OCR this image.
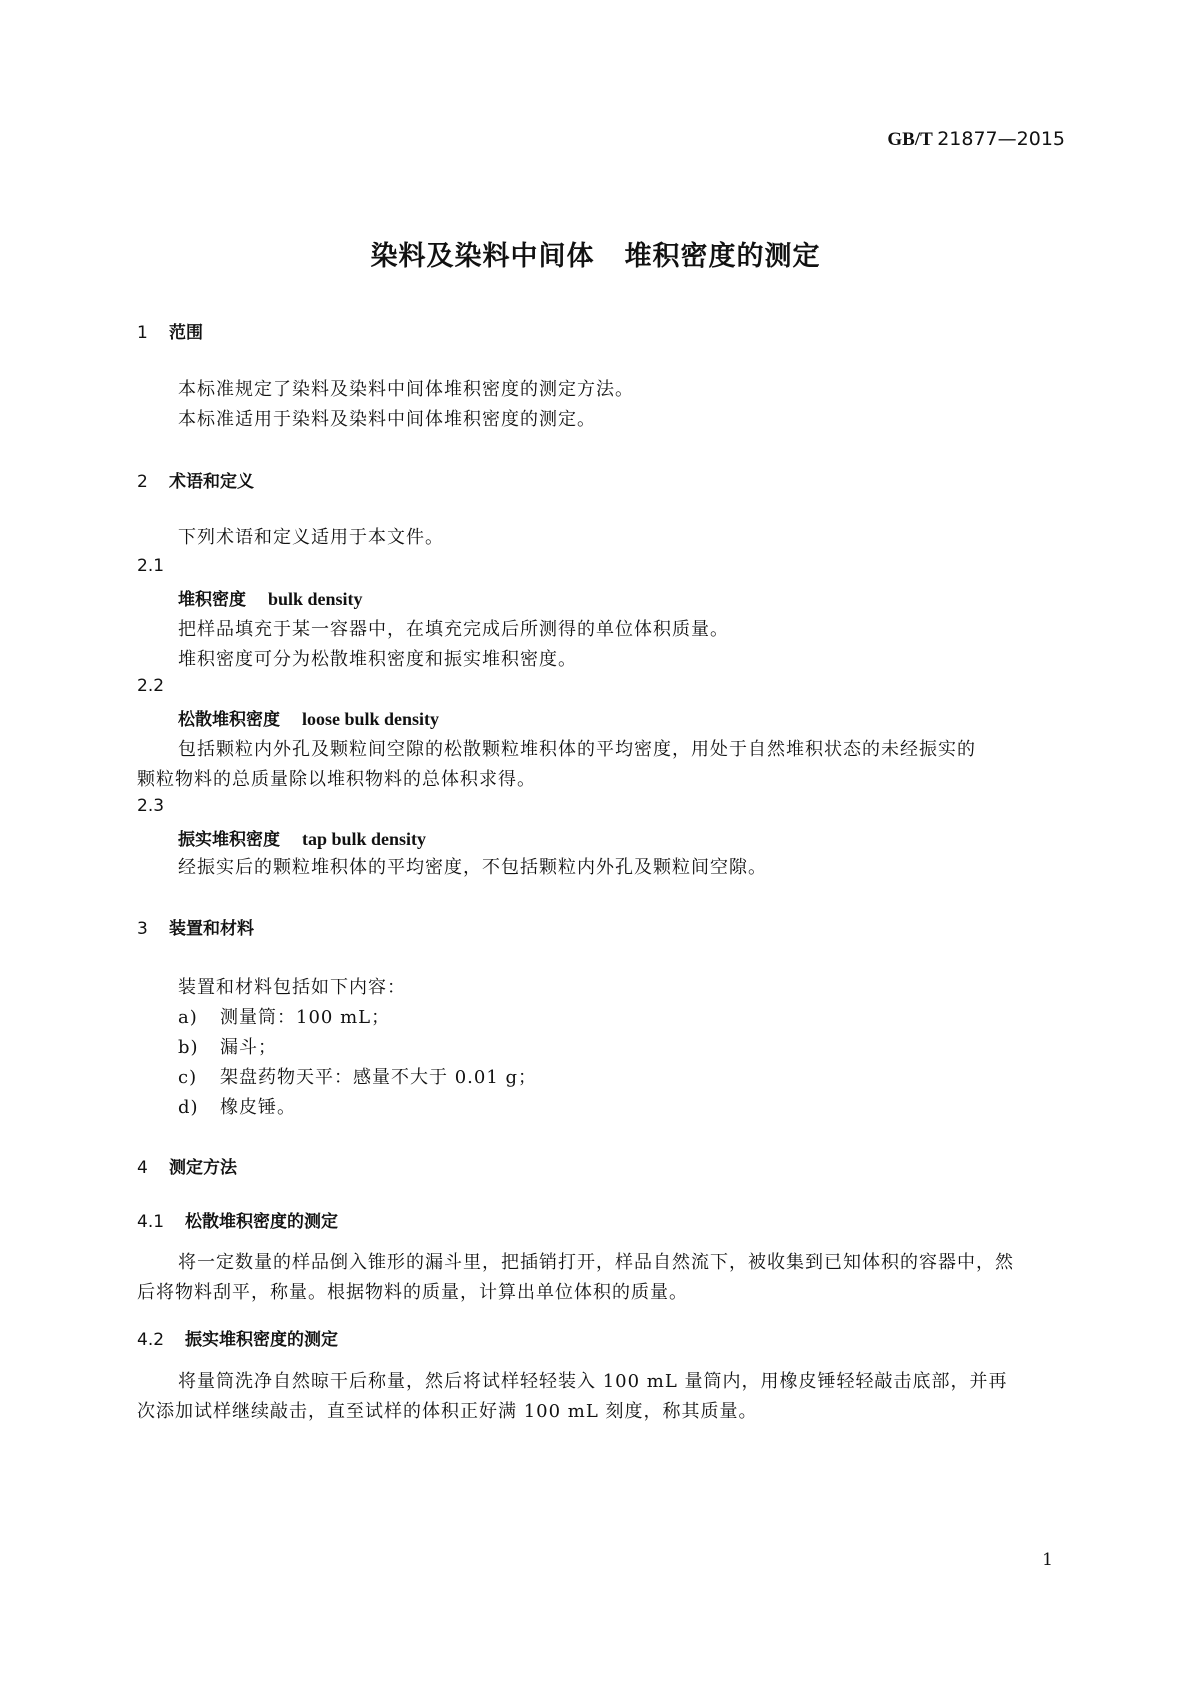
GB/T 21877—2015
染料及染料中间体 堆积密度的测定
1 范围
本标准规定了染料及染料中间体堆积密度的测定方法。
本标准适用于染料及染料中间体堆积密度的测定。
2 术语和定义
下列术语和定义适用于本文件。
2.1
堆积密度 bulk density
把样品填充于某一容器中，在填充完成后所测得的单位体积质量。
堆积密度可分为松散堆积密度和振实堆积密度。
2.2
松散堆积密度 loose bulk density
包括颗粒内外孔及颗粒间空隙的松散颗粒堆积体的平均密度，用处于自然堆积状态的未经振实的
颗粒物料的总质量除以堆积物料的总体积求得。
2.3
振实堆积密度 tap bulk density
经振实后的颗粒堆积体的平均密度，不包括颗粒内外孔及颗粒间空隙。
3 装置和材料
装置和材料包括如下内容：
a) 测量筒：100 mL；
b) 漏斗；
c) 架盘药物天平：感量不大于 0.01 g；
d) 橡皮锤。
4 测定方法
4.1 松散堆积密度的测定
将一定数量的样品倒入锥形的漏斗里，把插销打开，样品自然流下，被收集到已知体积的容器中，然
后将物料刮平，称量。根据物料的质量，计算出单位体积的质量。
4.2 振实堆积密度的测定
将量筒洗净自然晾干后称量，然后将试样轻轻装入 100 mL 量筒内，用橡皮锤轻轻敲击底部，并再
次添加试样继续敲击，直至试样的体积正好满 100 mL 刻度，称其质量。
1
